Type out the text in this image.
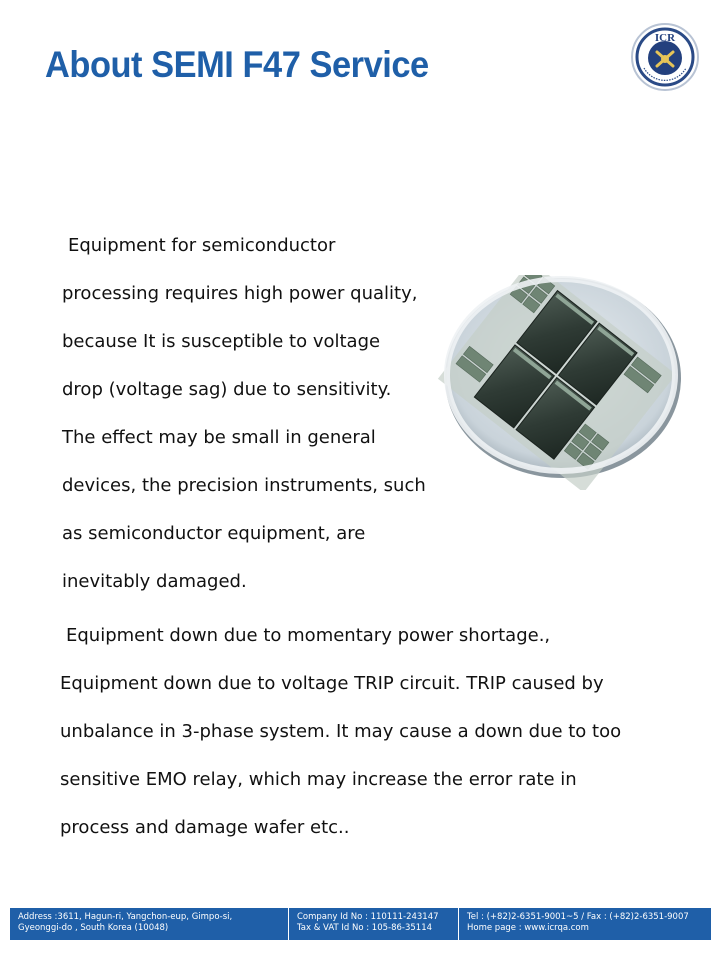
About SEMI F47 Service
ICR
Equipment for semiconductor
processing requires high power quality,
because It is susceptible to voltage
drop (voltage sag) due to sensitivity.
The effect may be small in general
devices, the precision instruments, such
as semiconductor equipment, are
inevitably damaged.
Equipment down due to momentary power shortage.,
Equipment down due to voltage TRIP circuit. TRIP caused by
unbalance in 3-phase system. It may cause a down due to too
sensitive EMO relay, which may increase the error rate in
process and damage wafer etc..
Address :3611, Hagun-ri, Yangchon-eup, Gimpo-si,
Gyeonggi-do , South Korea (10048)
Company Id No : 110111-243147
Tax & VAT Id No : 105-86-35114
Tel : (+82)2-6351-9001~5 / Fax : (+82)2-6351-9007
Home page : www.icrqa.com
